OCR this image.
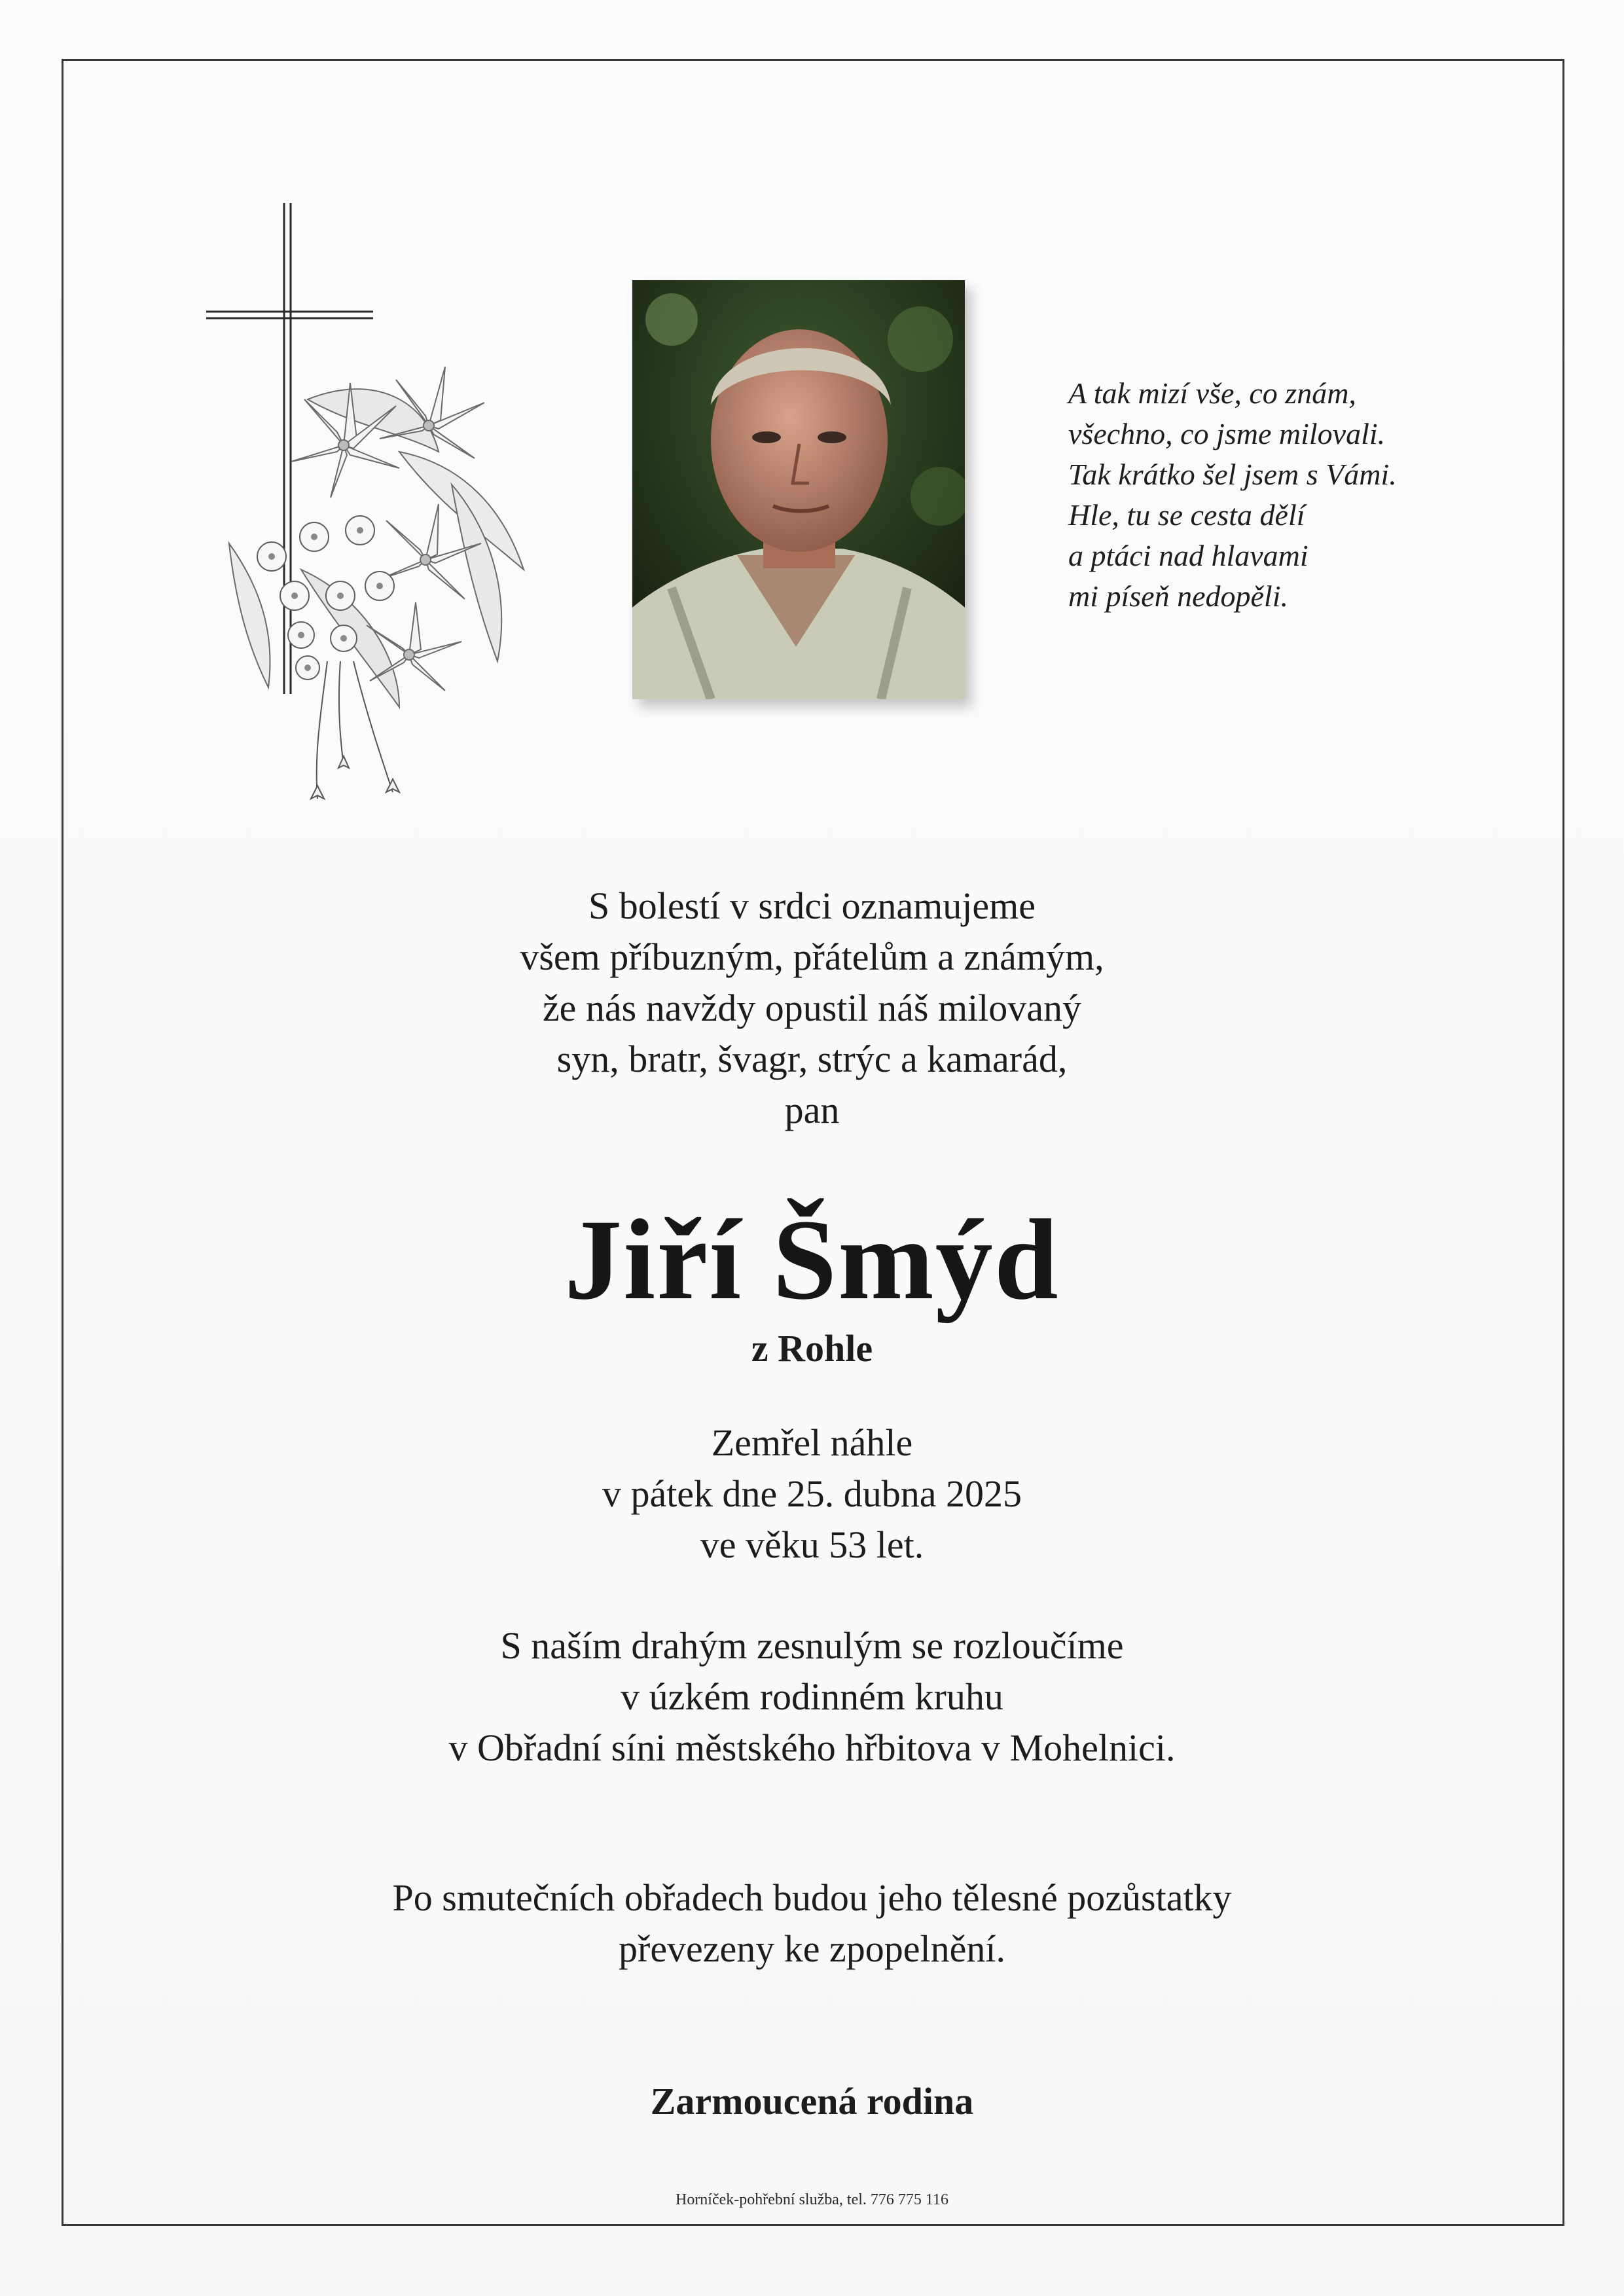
A tak mizí vše, co znám,
všechno, co jsme milovali.
Tak krátko šel jsem s Vámi.
Hle, tu se cesta dělí
a ptáci nad hlavami
mi píseň nedopěli.
S bolestí v srdci oznamujeme
všem příbuzným, přátelům a známým,
že nás navždy opustil náš milovaný
syn, bratr, švagr, strýc a kamarád,
pan
Jiří Šmýd
z Rohle
Zemřel náhle
v pátek dne 25. dubna 2025
ve věku 53 let.
S naším drahým zesnulým se rozloučíme
v úzkém rodinném kruhu
v Obřadní síni městského hřbitova v Mohelnici.
Po smutečních obřadech budou jeho tělesné pozůstatky
převezeny ke zpopelnění.
Zarmoucená rodina
Horníček-pohřební služba, tel. 776 775 116
